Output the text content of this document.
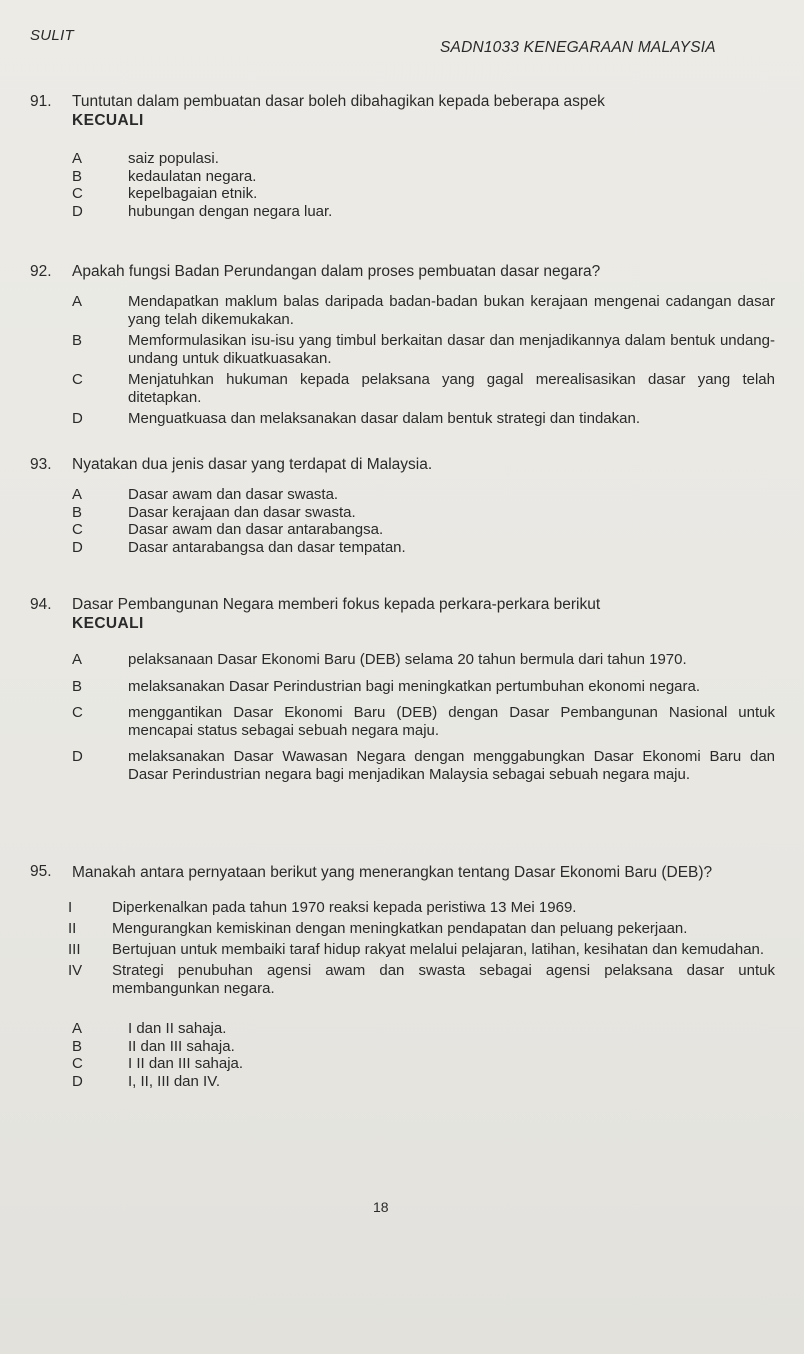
SULIT
SADN1033 KENEGARAAN MALAYSIA
91. Tuntutan dalam pembuatan dasar boleh dibahagikan kepada beberapa aspek
KECUALI
A	saiz populasi.
B	kedaulatan negara.
C	kepelbagaian etnik.
D	hubungan dengan negara luar.
92. Apakah fungsi Badan Perundangan dalam proses pembuatan dasar negara?
A	Mendapatkan maklum balas daripada badan-badan bukan kerajaan mengenai cadangan dasar yang telah dikemukakan.
B	Memformulasikan isu-isu yang timbul berkaitan dasar dan menjadikannya dalam bentuk undang-undang untuk dikuatkuasakan.
C	Menjatuhkan hukuman kepada pelaksana yang gagal merealisasikan dasar yang telah ditetapkan.
D	Menguatkuasa dan melaksanakan dasar dalam bentuk strategi dan tindakan.
93. Nyatakan dua jenis dasar yang terdapat di Malaysia.
A	Dasar awam dan dasar swasta.
B	Dasar kerajaan dan dasar swasta.
C	Dasar awam dan dasar antarabangsa.
D	Dasar antarabangsa dan dasar tempatan.
94. Dasar Pembangunan Negara memberi fokus kepada perkara-perkara berikut
KECUALI
A	pelaksanaan Dasar Ekonomi Baru (DEB) selama 20 tahun bermula dari tahun 1970.
B	melaksanakan Dasar Perindustrian bagi meningkatkan pertumbuhan ekonomi negara.
C	menggantikan Dasar Ekonomi Baru (DEB) dengan Dasar Pembangunan Nasional untuk mencapai status sebagai sebuah negara maju.
D	melaksanakan Dasar Wawasan Negara dengan menggabungkan Dasar Ekonomi Baru dan Dasar Perindustrian negara bagi menjadikan Malaysia sebagai sebuah negara maju.
95. Manakah antara pernyataan berikut yang menerangkan tentang Dasar Ekonomi Baru (DEB)?
I	Diperkenalkan pada tahun 1970 reaksi kepada peristiwa 13 Mei 1969.
II Mengurangkan kemiskinan dengan meningkatkan pendapatan dan peluang pekerjaan.
III Bertujuan untuk membaiki taraf hidup rakyat melalui pelajaran, latihan, kesihatan dan kemudahan.
IV Strategi penubuhan agensi awam dan swasta sebagai agensi pelaksana dasar untuk membangunkan negara.
A	I dan II sahaja.
B	II dan III sahaja.
C	I II dan III sahaja.
D	I, II, III dan IV.
18
